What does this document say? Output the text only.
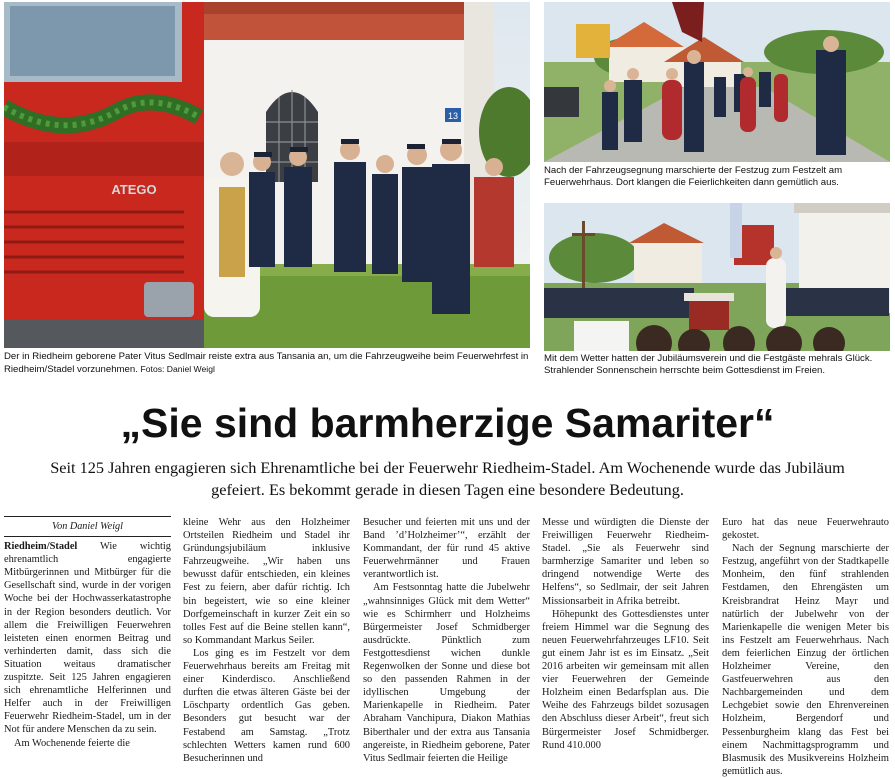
13
ATEGO
Der in Riedheim geborene Pater Vitus Sedlmair reiste extra aus Tansania an, um die Fahrzeugweihe beim Feuerwehrfest in Riedheim/Stadel vorzunehmen. Fotos: Daniel Weigl
Nach der Fahrzeugsegnung marschierte der Festzug zum Festzelt am Feuerwehrhaus. Dort klangen die Feierlichkeiten dann gemütlich aus.
Mit dem Wetter hatten der Jubiläumsverein und die Festgäste mehrals Glück. Strahlender Sonnenschein herrschte beim Gottesdienst im Freien.
„Sie sind barmherzige Samariter“
Seit 125 Jahren engagieren sich Ehrenamtliche bei der Feuerwehr Riedheim-Stadel. Am Wochenende wurde das Jubiläum gefeiert. Es bekommt gerade in diesen Tagen eine besondere Bedeutung.
Von Daniel Weigl

Riedheim/Stadel Wie wichtig ehrenamtlich engagierte Mitbürgerinnen und Mitbürger für die Gesellschaft sind, wurde in der vorigen Woche bei der Hochwasserkatastrophe in der Region besonders deutlich. Vor allem die Freiwilligen Feuerwehren leisteten einen enormen Beitrag und verhinderten damit, dass sich die Situation weitaus dramatischer zuspitzte. Seit 125 Jahren engagieren sich ehrenamtliche Helferinnen und Helfer auch in der Freiwilligen Feuerwehr Riedheim-Stadel, um in der Not für andere Menschen da zu sein.

Am Wochenende feierte die

kleine Wehr aus den Holzheimer Ortsteilen Riedheim und Stadel ihr Gründungsjubiläum inklusive Fahrzeugweihe. „Wir haben uns bewusst dafür entschieden, ein kleines Fest zu feiern, aber dafür richtig. Ich bin begeistert, wie so eine kleiner Dorfgemeinschaft in kurzer Zeit ein so tolles Fest auf die Beine stellen kann“, so Kommandant Markus Seiler.

Los ging es im Festzelt vor dem Feuerwehrhaus bereits am Freitag mit einer Kinderdisco. Anschließend durften die etwas älteren Gäste bei der Löschparty ordentlich Gas geben. Besonders gut besucht war der Festabend am Samstag. „Trotz schlechten Wetters kamen rund 600 Besucherinnen und

Besucher und feierten mit uns und der Band ’d’Holzheimer’“, erzählt der Kommandant, der für rund 45 aktive Feuerwehrmänner und Frauen verantwortlich ist.

Am Festsonntag hatte die Jubelwehr „wahnsinniges Glück mit dem Wetter“ wie es Schirmherr und Holzheims Bürgermeister Josef Schmidberger ausdrückte. Pünktlich zum Festgottesdienst wichen dunkle Regenwolken der Sonne und diese bot so den passenden Rahmen in der idyllischen Umgebung der Marienkapelle in Riedheim. Pater Abraham Vanchipura, Diakon Mathias Biberthaler und der extra aus Tansania angereiste, in Riedheim geborene, Pater Vitus Sedlmair feierten die Heilige

Messe und würdigten die Dienste der Freiwilligen Feuerwehr Riedheim-Stadel. „Sie als Feuerwehr sind barmherzige Samariter und leben so dringend notwendige Werte des Helfens“, so Sedlmair, der seit Jahren Missionsarbeit in Afrika betreibt.

Höhepunkt des Gottesdienstes unter freiem Himmel war die Segnung des neuen Feuerwehrfahrzeuges LF10. Seit gut einem Jahr ist es im Einsatz. „Seit 2016 arbeiten wir gemeinsam mit allen vier Feuerwehren der Gemeinde Holzheim einen Bedarfsplan aus. Die Weihe des Fahrzeugs bildet sozusagen den Abschluss dieser Arbeit“, freut sich Bürgermeister Josef Schmidberger. Rund 410.000

Euro hat das neue Feuerwehrauto gekostet.

Nach der Segnung marschierte der Festzug, angeführt von der Stadtkapelle Monheim, den fünf strahlenden Festdamen, den Ehrengästen um Kreisbrandrat Heinz Mayr und natürlich der Jubelwehr von der Marienkapelle die wenigen Meter bis ins Festzelt am Feuerwehrhaus. Nach dem feierlichen Einzug der örtlichen Holzheimer Vereine, den Gastfeuerwehren aus den Nachbargemeinden und dem Lechgebiet sowie den Ehrenvereinen Holzheim, Bergendorf und Pessenburgheim klang das Fest bei einem Nachmittagsprogramm und Blasmusik des Musikvereins Holzheim gemütlich aus.
